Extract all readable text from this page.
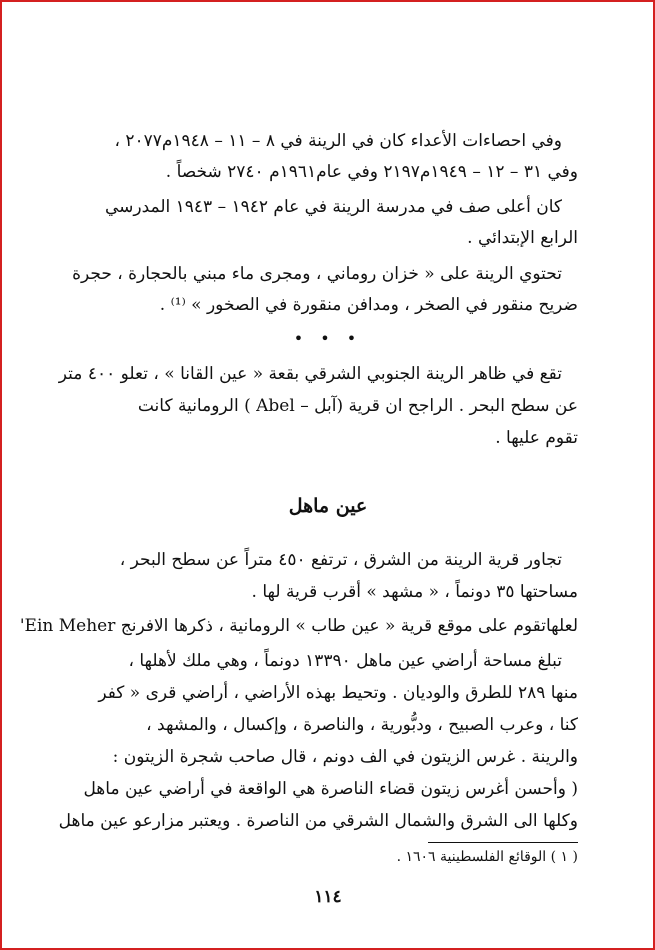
وفي احصاءات الأعداء كان في الرينة في ٨ – ١١ – ١٩٤٨م٢٠٧٧ ،
وفي ٣١ – ١٢ – ١٩٤٩م٢١٩٧ وفي عام١٩٦١م ٢٧٤٠ شخصاً .
كان أعلى صف في مدرسة الرينة في عام ١٩٤٢ – ١٩٤٣ المدرسي
الرابع الإبتدائي .
تحتوي الرينة على « خزان روماني ، ومجرى ماء مبني بالحجارة ، حجرة
ضريح منقور في الصخر ، ومدافن منقورة في الصخور » ⁽¹⁾ .
• • •
تقع في ظاهر الرينة الجنوبي الشرقي بقعة « عين القانا » ، تعلو ٤٠٠ متر
عن سطح البحر . الراجح ان قرية (آبل – Abel ) الرومانية كانت
تقوم عليها .
عين ماهل
تجاور قرية الرينة من الشرق ، ترتفع ٤٥٠ متراً عن سطح البحر ،
مساحتها ٣٥ دونماً ، « مشهد » أقرب قرية لها .
لعلهاتقوم على موقع قرية « عين طاب » الرومانية ، ذكرها الافرنج Ein Meher'
تبلغ مساحة أراضي عين ماهل ١٣٣٩٠ دونماً ، وهي ملك لأهلها ،
منها ٢٨٩ للطرق والوديان . وتحيط بهذه الأراضي ، أراضي قرى « كفر
كنا ، وعرب الصبيح ، ودبُّورية ، والناصرة ، وإكسال ، والمشهد ،
والرينة . غرس الزيتون في الف دونم ، قال صاحب شجرة الزيتون :
( وأحسن أغرس زيتون قضاء الناصرة هي الواقعة في أراضي عين ماهل
وكلها الى الشرق والشمال الشرقي من الناصرة . ويعتبر مزارعو عين ماهل
( ١ ) الوقائع الفلسطينية ١٦٠٦ .
١١٤
